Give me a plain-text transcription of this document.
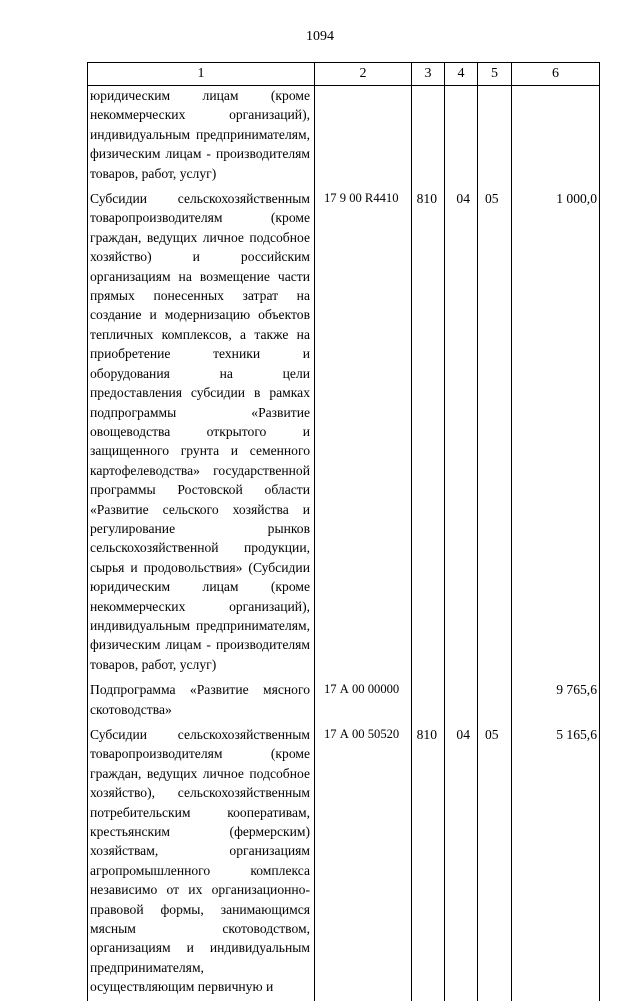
1094
1	2	3	4	5	6
юридическим лицам (кроме некоммерческих организаций), индивидуальным предпринимателям, физическим лицам - производителям товаров, работ, услуг)					

Субсидии сельскохозяйственным товаропроизводителям (кроме граждан, ведущих личное подсобное хозяйство) и российским организациям на возмещение части прямых понесенных затрат на создание и модернизацию объектов тепличных комплексов, а также на приобретение техники и оборудования на цели предоставления субсидии в рамках подпрограммы «Развитие овощеводства открытого и защищенного грунта и семенного картофелеводства» государственной программы Ростовской области «Развитие сельского хозяйства и регулирование рынков сельскохозяйственной продукции, сырья и продовольствия» (Субсидии юридическим лицам (кроме некоммерческих организаций), индивидуальным предпринимателям, физическим лицам - производителям товаров, работ, услуг)	17 9 00 R4410	810	04	05	1 000,0

Подпрограмма «Развитие мясного скотоводства»	17 А 00 00000				9 765,6

Субсидии сельскохозяйственным товаропроизводителям (кроме граждан, ведущих личное подсобное хозяйство), сельскохозяйственным потребительским кооперативам, крестьянским (фермерским) хозяйствам, организациям агропромышленного комплекса независимо от их организационно-правовой формы, занимающимся мясным скотоводством, организациям и индивидуальным предпринимателям, осуществляющим первичную и	17 А 00 50520	810	04	05	5 165,6
